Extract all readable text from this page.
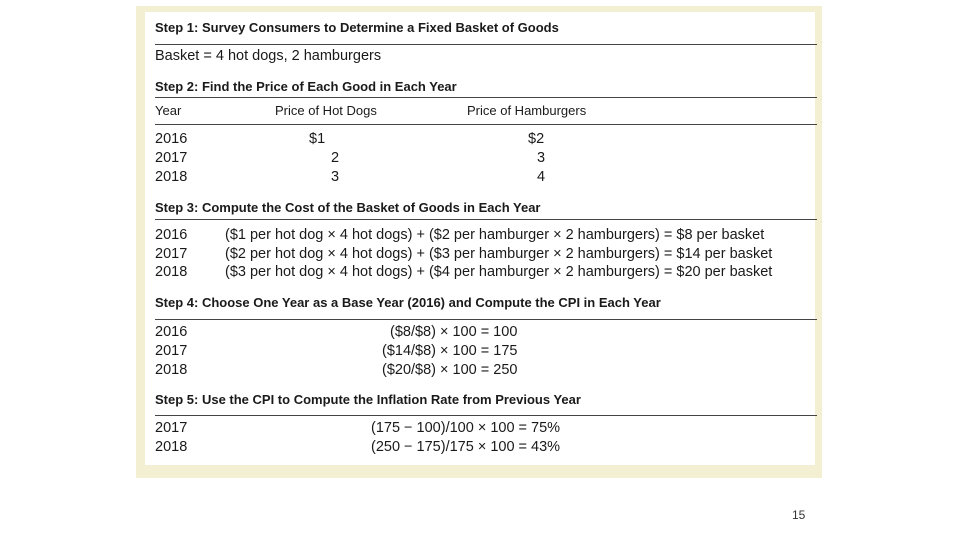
Step 1: Survey Consumers to Determine a Fixed Basket of Goods
Basket = 4 hot dogs, 2 hamburgers
Step 2: Find the Price of Each Good in Each Year
Year	Price of Hot Dogs	Price of Hamburgers
2016	$1	$2
2017	2	3
2018	3	4
Step 3: Compute the Cost of the Basket of Goods in Each Year
2016	($1 per hot dog × 4 hot dogs) + ($2 per hamburger × 2 hamburgers) = $8 per basket
2017	($2 per hot dog × 4 hot dogs) + ($3 per hamburger × 2 hamburgers) = $14 per basket
2018	($3 per hot dog × 4 hot dogs) + ($4 per hamburger × 2 hamburgers) = $20 per basket
Step 4: Choose One Year as a Base Year (2016) and Compute the CPI in Each Year
2016	($8/$8) × 100 = 100
2017	($14/$8) × 100 = 175
2018	($20/$8) × 100 = 250
Step 5: Use the CPI to Compute the Inflation Rate from Previous Year
2017	(175 − 100)/100 × 100 = 75%
2018	(250 − 175)/175 × 100 = 43%
15
